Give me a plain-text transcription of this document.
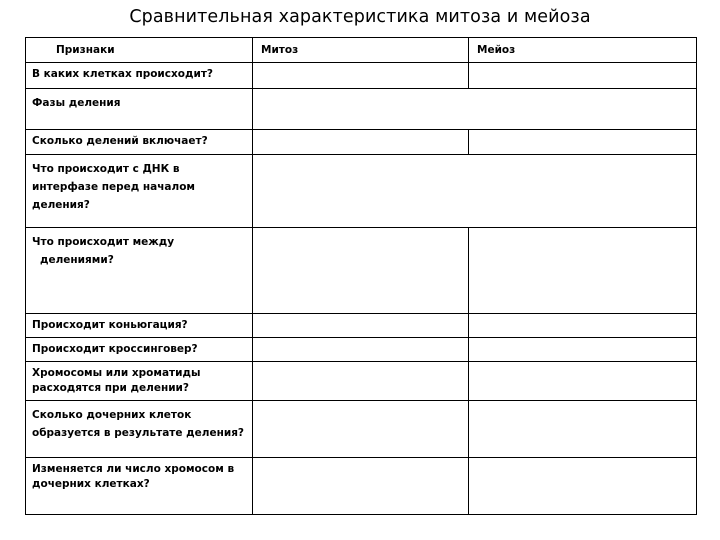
Сравнительная характеристика митоза и мейоза
Признаки	Митоз	Мейоз

В каких клетках происходит?		

Фазы деления		

Сколько делений включает?		

Что происходит с ДНК в интерфазе перед началом деления?		

Что происходит между
делениями?		

Происходит коньюгация?		

Происходит кроссинговер?		

Хромосомы или хроматиды расходятся при делении?		

Сколько дочерних клеток образуется в результате деления?		

Изменяется ли число хромосом в дочерних клетках?		
